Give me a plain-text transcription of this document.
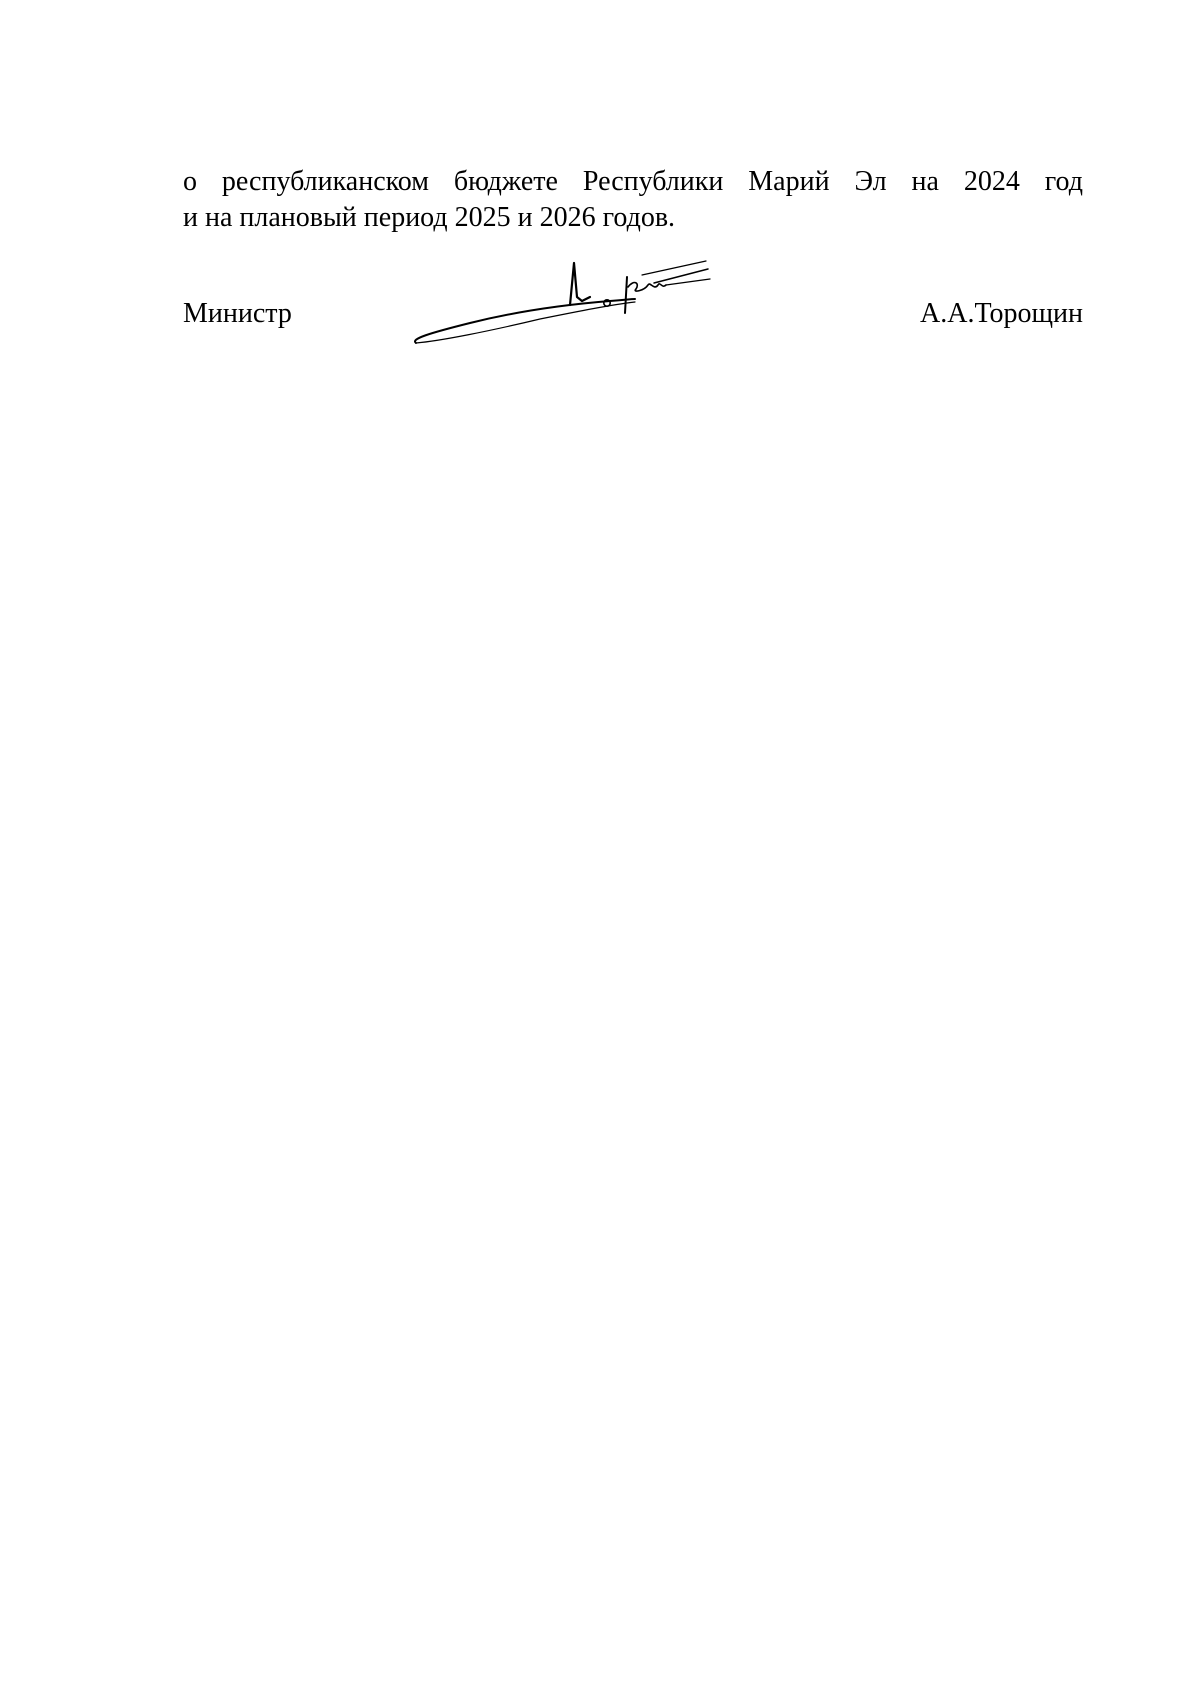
о республиканском бюджете Республики Марий Эл на 2024 год
и на плановый период 2025 и 2026 годов.
Министр	А.А.Торощин
